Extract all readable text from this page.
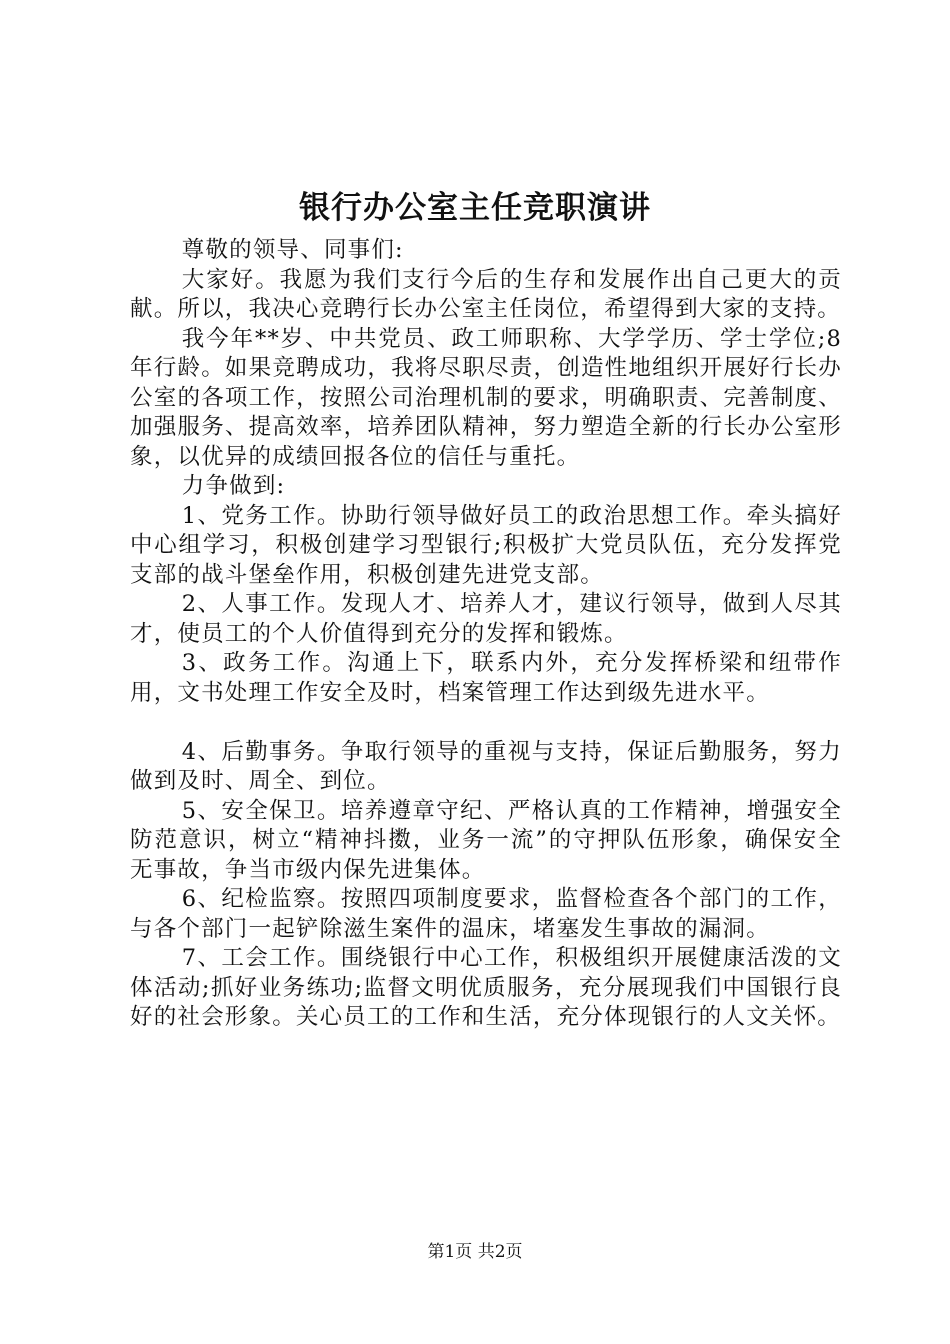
银行办公室主任竞职演讲

尊敬的领导、同事们:

大家好。我愿为我们支行今后的生存和发展作出自己更大的贡献。所以，我决心竞聘行长办公室主任岗位，希望得到大家的支持。

我今年**岁、中共党员、政工师职称、大学学历、学士学位;8年行龄。如果竞聘成功，我将尽职尽责，创造性地组织开展好行长办公室的各项工作，按照公司治理机制的要求，明确职责、完善制度、加强服务、提高效率，培养团队精神，努力塑造全新的行长办公室形象，以优异的成绩回报各位的信任与重托。

力争做到:

1、党务工作。协助行领导做好员工的政治思想工作。牵头搞好中心组学习，积极创建学习型银行;积极扩大党员队伍，充分发挥党支部的战斗堡垒作用，积极创建先进党支部。

2、人事工作。发现人才、培养人才，建议行领导，做到人尽其才，使员工的个人价值得到充分的发挥和锻炼。

3、政务工作。沟通上下，联系内外，充分发挥桥梁和纽带作用，文书处理工作安全及时，档案管理工作达到级先进水平。

4、后勤事务。争取行领导的重视与支持，保证后勤服务，努力做到及时、周全、到位。

5、安全保卫。培养遵章守纪、严格认真的工作精神，增强安全防范意识，树立“精神抖擞，业务一流”的守押队伍形象，确保安全无事故，争当市级内保先进集体。

6、纪检监察。按照四项制度要求，监督检查各个部门的工作，与各个部门一起铲除滋生案件的温床，堵塞发生事故的漏洞。

7、工会工作。围绕银行中心工作，积极组织开展健康活泼的文体活动;抓好业务练功;监督文明优质服务，充分展现我们中国银行良好的社会形象。关心员工的工作和生活，充分体现银行的人文关怀。

第1页 共2页
